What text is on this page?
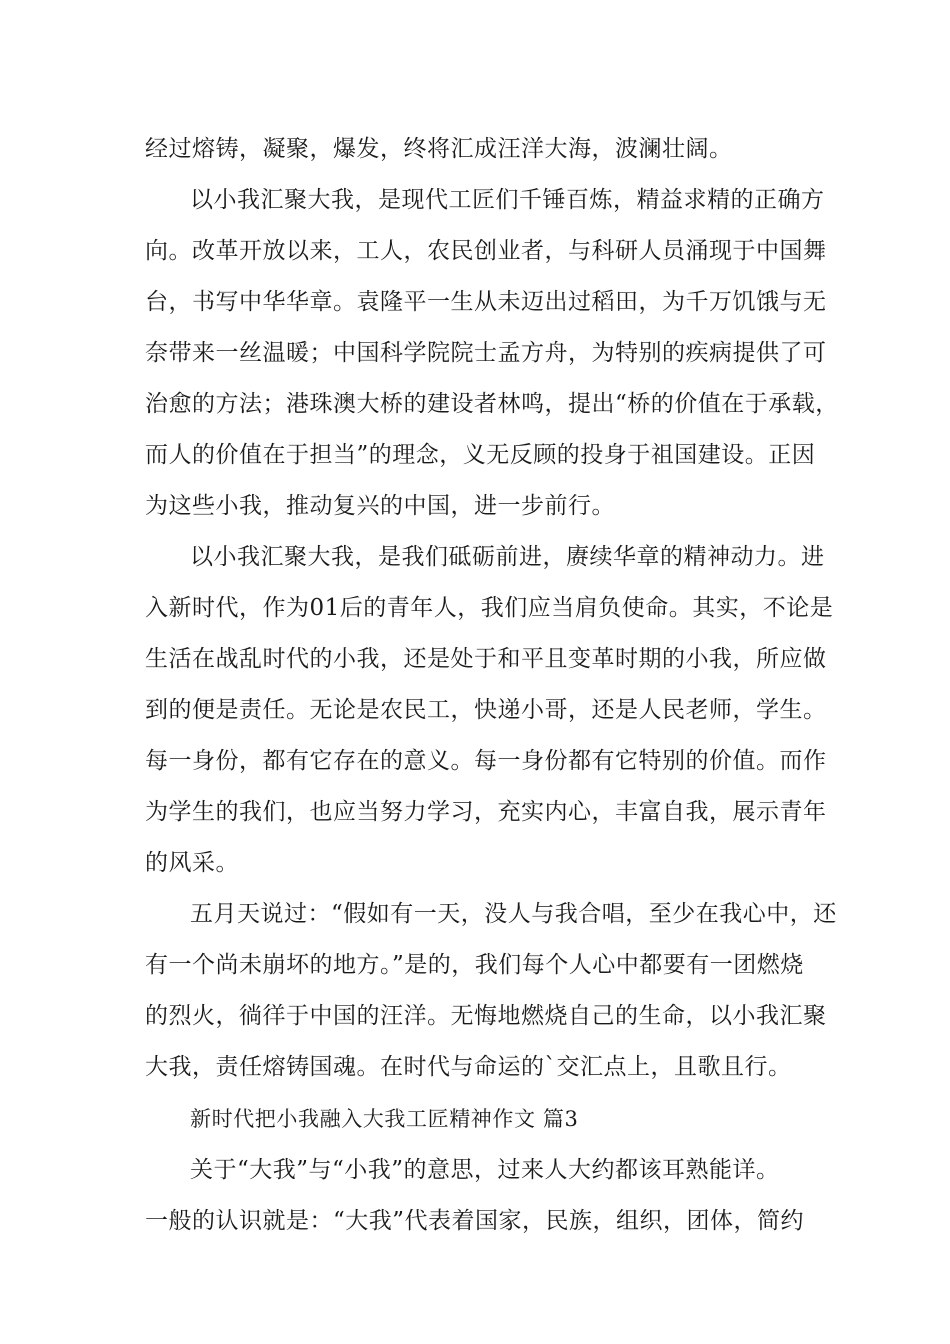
经过熔铸，凝聚，爆发，终将汇成汪洋大海，波澜壮阔。

以小我汇聚大我，是现代工匠们千锤百炼，精益求精的正确方

向。改革开放以来，工人，农民创业者，与科研人员涌现于中国舞

台，书写中华华章。袁隆平一生从未迈出过稻田，为千万饥饿与无

奈带来一丝温暖；中国科学院院士孟方舟，为特别的疾病提供了可

治愈的方法；港珠澳大桥的建设者林鸣，提出“桥的价值在于承载，

而人的价值在于担当”的理念，义无反顾的投身于祖国建设。正因

为这些小我，推动复兴的中国，进一步前行。

以小我汇聚大我，是我们砥砺前进，赓续华章的精神动力。进

入新时代，作为01后的青年人，我们应当肩负使命。其实，不论是

生活在战乱时代的小我，还是处于和平且变革时期的小我，所应做

到的便是责任。无论是农民工，快递小哥，还是人民老师，学生。

每一身份，都有它存在的意义。每一身份都有它特别的价值。而作

为学生的我们，也应当努力学习，充实内心，丰富自我，展示青年

的风采。

五月天说过：“假如有一天，没人与我合唱，至少在我心中，还

有一个尚未崩坏的地方。”是的，我们每个人心中都要有一团燃烧

的烈火，徜徉于中国的汪洋。无悔地燃烧自己的生命，以小我汇聚

大我，责任熔铸国魂。在时代与命运的`交汇点上，且歌且行。

新时代把小我融入大我工匠精神作文 篇3

关于“大我”与“小我”的意思，过来人大约都该耳熟能详。

一般的认识就是：“大我”代表着国家，民族，组织，团体，简约
